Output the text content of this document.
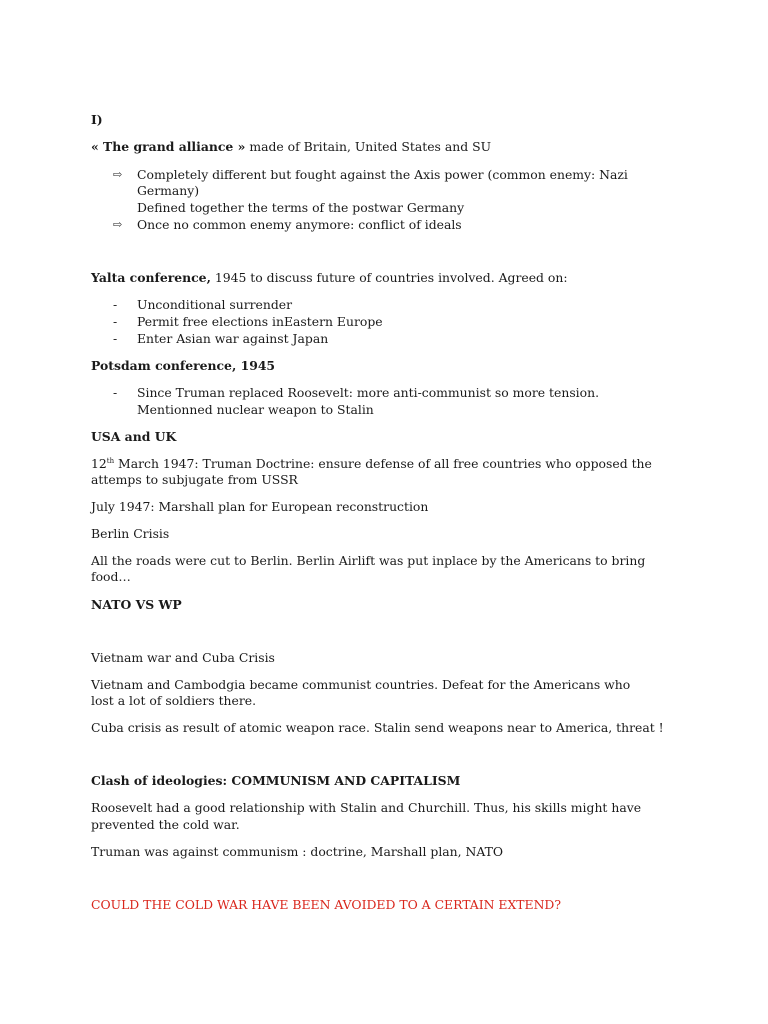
I)
« The grand alliance » made of Britain, United States and SU
⇨ Completely different but fought against the Axis power (common enemy: Nazi
Germany)
Defined together the terms of the postwar Germany
⇨ Once no common enemy anymore: conflict of ideals
Yalta conference, 1945 to discuss future of countries involved. Agreed on:
- Unconditional surrender
- Permit free elections inEastern Europe
- Enter Asian war against Japan
Potsdam conference, 1945
- Since Truman replaced Roosevelt: more anti-communist so more tension.
Mentionned nuclear weapon to Stalin
USA and UK
12th March 1947: Truman Doctrine: ensure defense of all free countries who opposed the
attemps to subjugate from USSR
July 1947: Marshall plan for European reconstruction
Berlin Crisis
All the roads were cut to Berlin. Berlin Airlift was put inplace by the Americans to bring
food…
NATO VS WP
Vietnam war and Cuba Crisis
Vietnam and Cambodgia became communist countries. Defeat for the Americans who
lost a lot of soldiers there.
Cuba crisis as result of atomic weapon race. Stalin send weapons near to America, threat !
Clash of ideologies: COMMUNISM AND CAPITALISM
Roosevelt had a good relationship with Stalin and Churchill. Thus, his skills might have
prevented the cold war.
Truman was against communism : doctrine, Marshall plan, NATO
COULD THE COLD WAR HAVE BEEN AVOIDED TO A CERTAIN EXTEND?
